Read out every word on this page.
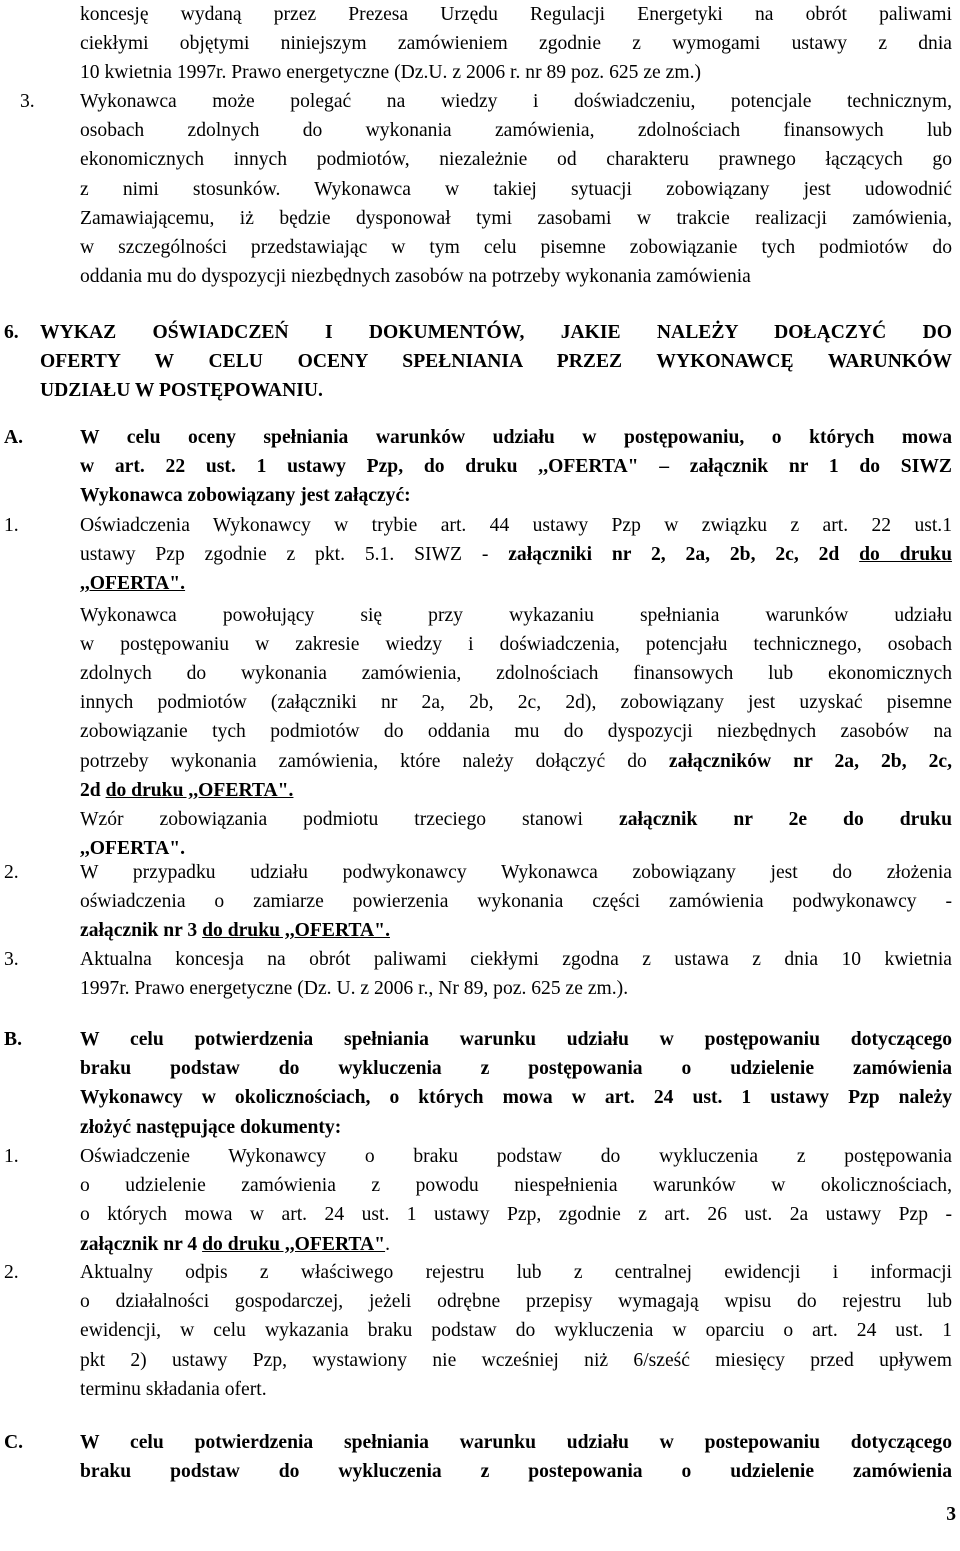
koncesję wydaną przez Prezesa Urzędu Regulacji Energetyki na obrót paliwami
ciekłymi objętymi niniejszym zamówieniem zgodnie z wymogami ustawy z dnia
10 kwietnia 1997r. Prawo energetyczne (Dz.U. z 2006 r. nr 89 poz. 625 ze zm.)
3.	Wykonawca może polegać na wiedzy i doświadczeniu, potencjale technicznym,
osobach zdolnych do wykonania zamówienia, zdolnościach finansowych lub
ekonomicznych innych podmiotów, niezależnie od charakteru prawnego łączących go
z nimi stosunków. Wykonawca w takiej sytuacji zobowiązany jest udowodnić
Zamawiającemu, iż będzie dysponował tymi zasobami w trakcie realizacji zamówienia,
w szczególności przedstawiając w tym celu pisemne zobowiązanie tych podmiotów do
oddania mu do dyspozycji niezbędnych zasobów na potrzeby wykonania zamówienia
6. WYKAZ OŚWIADCZEŃ I DOKUMENTÓW, JAKIE NALEŻY DOŁĄCZYĆ DO
OFERTY W CELU OCENY SPEŁNIANIA PRZEZ WYKONAWCĘ WARUNKÓW
UDZIAŁU W POSTĘPOWANIU.
A.	W celu oceny spełniania warunków udziału w postępowaniu, o których mowa
w art. 22 ust. 1 ustawy Pzp, do druku ,,OFERTA" – załącznik nr 1 do SIWZ
Wykonawca zobowiązany jest załączyć:
1.	Oświadczenia Wykonawcy w trybie art. 44 ustawy Pzp w związku z art. 22 ust.1
ustawy Pzp zgodnie z pkt. 5.1. SIWZ - załączniki nr 2, 2a, 2b, 2c, 2d do druku
,,OFERTA".
Wykonawca powołujący się przy wykazaniu spełniania warunków udziału
w postępowaniu w zakresie wiedzy i doświadczenia, potencjału technicznego, osobach
zdolnych do wykonania zamówienia, zdolnościach finansowych lub ekonomicznych
innych podmiotów (załączniki nr 2a, 2b, 2c, 2d), zobowiązany jest uzyskać pisemne
zobowiązanie tych podmiotów do oddania mu do dyspozycji niezbędnych zasobów na
potrzeby wykonania zamówienia, które należy dołączyć do załączników nr 2a, 2b, 2c,
2d do druku ,,OFERTA".
Wzór zobowiązania podmiotu trzeciego stanowi załącznik nr 2e do druku
,,OFERTA".
2.	W przypadku udziału podwykonawcy Wykonawca zobowiązany jest do złożenia
oświadczenia o zamiarze powierzenia wykonania części zamówienia podwykonawcy -
załącznik nr 3 do druku ,,OFERTA".
3.	Aktualna koncesja na obrót paliwami ciekłymi zgodna z ustawa z dnia 10 kwietnia
1997r. Prawo energetyczne (Dz. U. z 2006 r., Nr 89, poz. 625 ze zm.).
B.	W celu potwierdzenia spełniania warunku udziału w postępowaniu dotyczącego
braku podstaw do wykluczenia z postępowania o udzielenie zamówienia
Wykonawcy w okolicznościach, o których mowa w art. 24 ust. 1 ustawy Pzp należy
złożyć następujące dokumenty:
1.	Oświadczenie Wykonawcy o braku podstaw do wykluczenia z postępowania
o udzielenie zamówienia z powodu niespełnienia warunków w okolicznościach,
o których mowa w art. 24 ust. 1 ustawy Pzp, zgodnie z art. 26 ust. 2a ustawy Pzp -
załącznik nr 4 do druku ,,OFERTA".
2.	Aktualny odpis z właściwego rejestru lub z centralnej ewidencji i informacji
o działalności gospodarczej, jeżeli odrębne przepisy wymagają wpisu do rejestru lub
ewidencji, w celu wykazania braku podstaw do wykluczenia w oparciu o art. 24 ust. 1
pkt 2) ustawy Pzp, wystawiony nie wcześniej niż 6/sześć miesięcy przed upływem
terminu składania ofert.
C.	W celu potwierdzenia spełniania warunku udziału w postepowaniu dotyczącego
braku podstaw do wykluczenia z postepowania o udzielenie zamówienia
3
